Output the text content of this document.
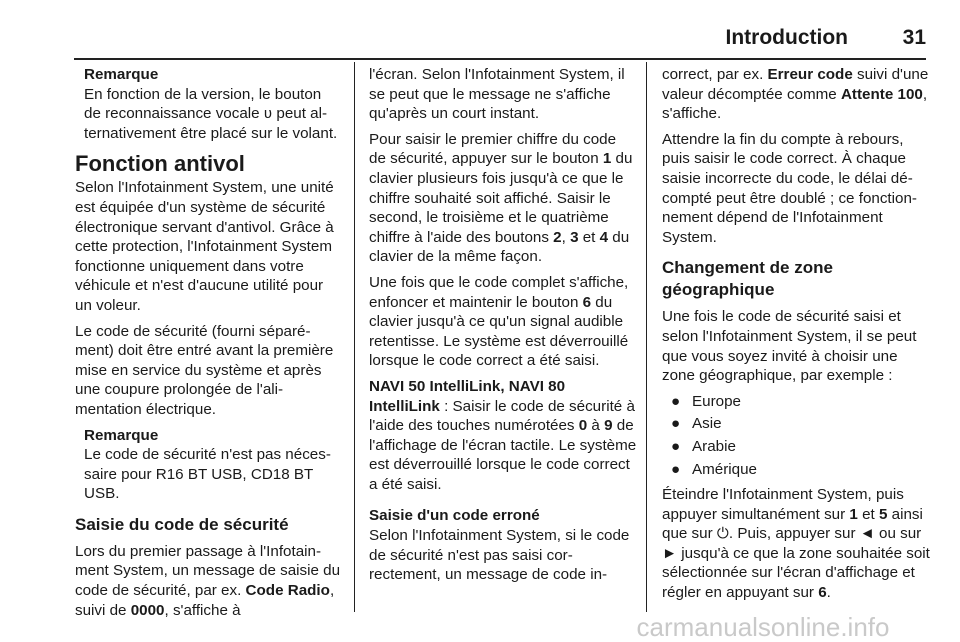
Introduction	31
Remarque
En fonction de la version, le bouton de reconnaissance vocale ʋ peut alternativement être placé sur le volant.
Fonction antivol
Selon l'Infotainment System, une unité est équipée d'un système de sécurité électronique servant d'antivol. Grâce à cette protection, l'Infotainment System fonctionne uniquement dans votre véhicule et n'est d'aucune utilité pour un voleur.
Le code de sécurité (fourni séparément) doit être entré avant la première mise en service du système et après une coupure prolongée de l'alimentation électrique.
Remarque
Le code de sécurité n'est pas nécessaire pour R16 BT USB, CD18 BT USB.
Saisie du code de sécurité
Lors du premier passage à l'Infotainment System, un message de saisie du code de sécurité, par ex. Code Radio, suivi de 0000, s'affiche à
l'écran. Selon l'Infotainment System, il se peut que le message ne s'affiche qu'après un court instant.
Pour saisir le premier chiffre du code de sécurité, appuyer sur le bouton 1 du clavier plusieurs fois jusqu'à ce que le chiffre souhaité soit affiché. Saisir le second, le troisième et le quatrième chiffre à l'aide des boutons 2, 3 et 4 du clavier de la même façon.
Une fois que le code complet s'affiche, enfoncer et maintenir le bouton 6 du clavier jusqu'à ce qu'un signal audible retentisse. Le système est déverrouillé lorsque le code correct a été saisi.
NAVI 50 IntelliLink, NAVI 80 IntelliLink : Saisir le code de sécurité à l'aide des touches numérotées 0 à 9 de l'affichage de l'écran tactile. Le système est déverrouillé lorsque le code correct a été saisi.
Saisie d'un code erroné
Selon l'Infotainment System, si le code de sécurité n'est pas saisi correctement, un message de code in-
correct, par ex. Erreur code suivi d'une valeur décomptée comme Attente 100, s'affiche.
Attendre la fin du compte à rebours, puis saisir le code correct. À chaque saisie incorrecte du code, le délai décompté peut être doublé ; ce fonctionnement dépend de l'Infotainment System.
Changement de zone géographique
Une fois le code de sécurité saisi et selon l'Infotainment System, il se peut que vous soyez invité à choisir une zone géographique, par exemple :
● Europe
● Asie
● Arabie
● Amérique
Éteindre l'Infotainment System, puis appuyer simultanément sur 1 et 5 ainsi que sur ⏻. Puis, appuyer sur ◄ ou sur ► jusqu'à ce que la zone souhaitée soit sélectionnée sur l'écran d'affichage et régler en appuyant sur 6.
carmanualsonline.info
